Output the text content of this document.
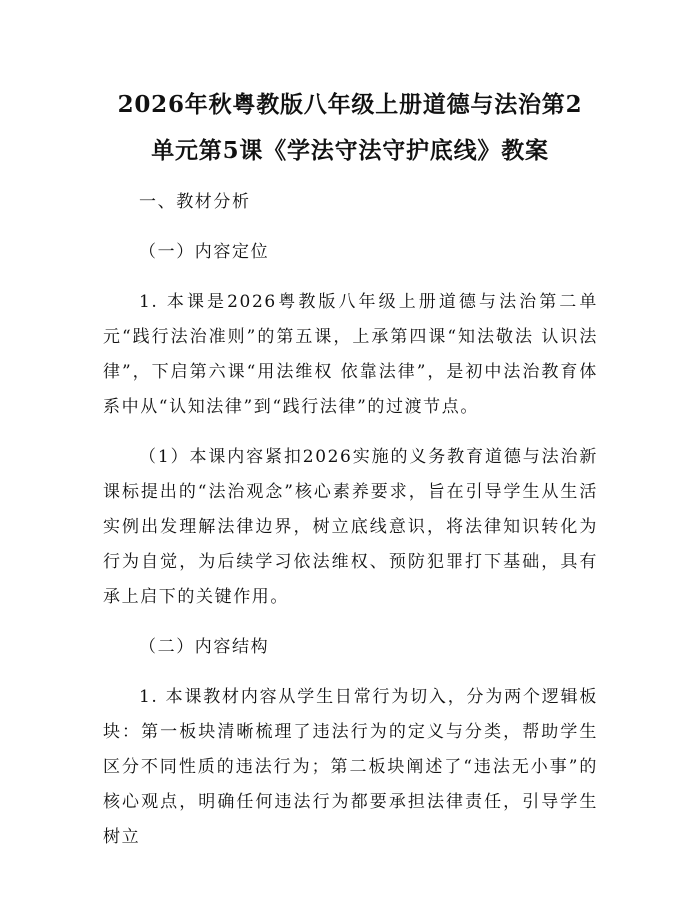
2026年秋粤教版八年级上册道德与法治第2
单元第5课《学法守法守护底线》教案

一、教材分析

（一）内容定位

1. 本课是2026粤教版八年级上册道德与法治第二单元“践行法治准则”的第五课，上承第四课“知法敬法 认识法律”，下启第六课“用法维权 依靠法律”，是初中法治教育体系中从“认知法律”到“践行法律”的过渡节点。

（1）本课内容紧扣2026实施的义务教育道德与法治新课标提出的“法治观念”核心素养要求，旨在引导学生从生活实例出发理解法律边界，树立底线意识，将法律知识转化为行为自觉，为后续学习依法维权、预防犯罪打下基础，具有承上启下的关键作用。

（二）内容结构

1. 本课教材内容从学生日常行为切入，分为两个逻辑板块：第一板块清晰梳理了违法行为的定义与分类，帮助学生区分不同性质的违法行为；第二板块阐述了“违法无小事”的核心观点，明确任何违法行为都要承担法律责任，引导学生树立
